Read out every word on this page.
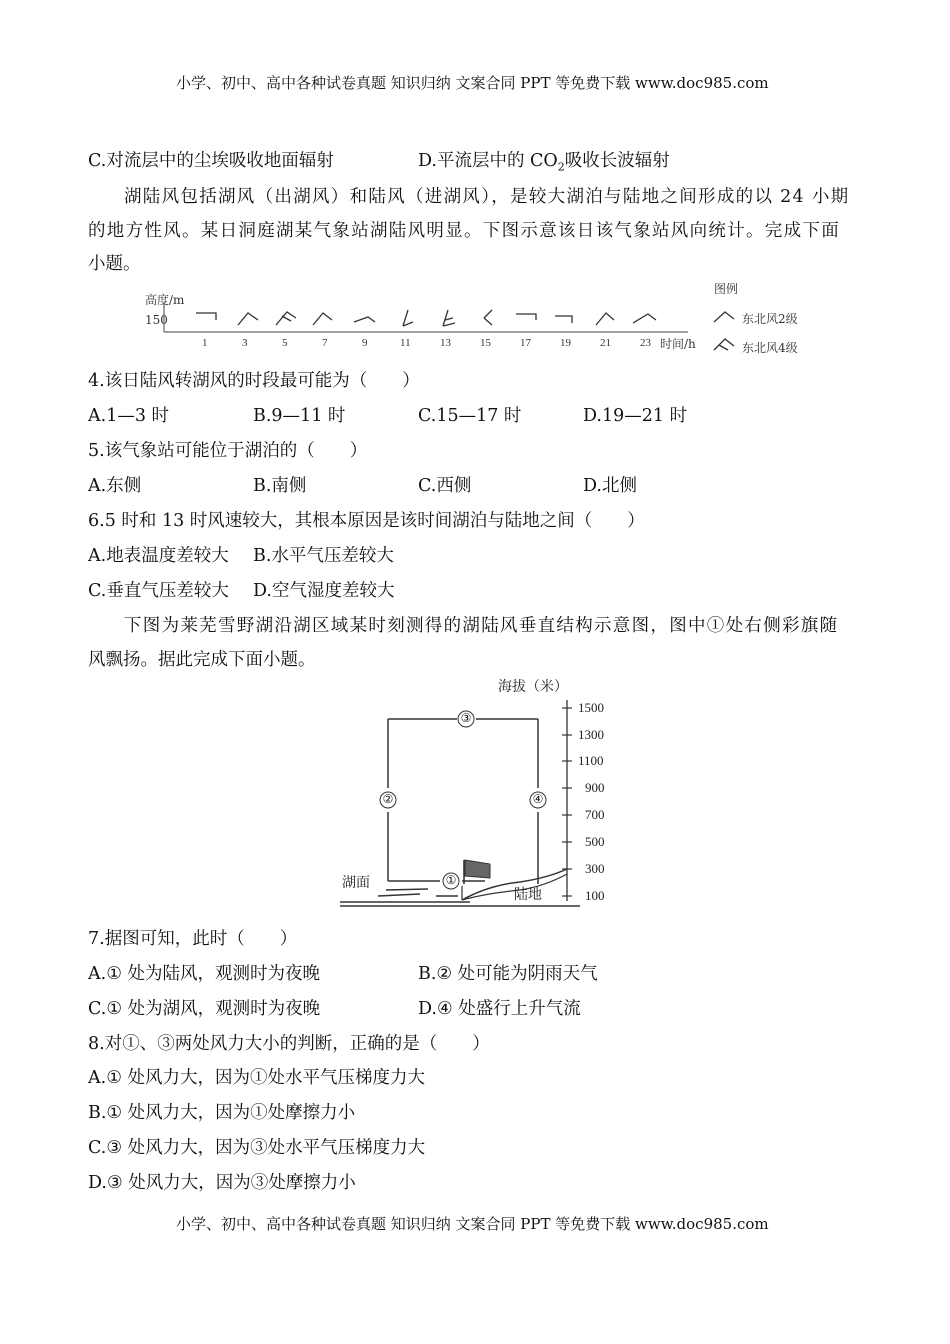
小学、初中、高中各种试卷真题 知识归纳 文案合同 PPT 等免费下载 www.doc985.com
C.对流层中的尘埃吸收地面辐射	D.平流层中的 $CO_2$吸收长波辐射
湖陆风包括湖风（出湖风）和陆风（进湖风），是较大湖泊与陆地之间形成的以 24 小期
的地方性风。某日洞庭湖某气象站湖陆风明显。下图示意该日该气象站风向统计。完成下面
小题。
高度/m
150
1	3	5	7	9	11	13	15	17	19	21	23 时间/h
图例
东北风2级
东北风4级
4.该日陆风转湖风的时段最可能为（　　）
A.1—3 时	B.9—11 时	C.15—17 时	D.19—21 时
5.该气象站可能位于湖泊的（　　）
A.东侧	B.南侧	C.西侧	D.北侧
6.5 时和 13 时风速较大，其根本原因是该时间湖泊与陆地之间（　　）
A.地表温度差较大 B.水平气压差较大
C.垂直气压差较大 D.空气湿度差较大
下图为莱芜雪野湖沿湖区域某时刻测得的湖陆风垂直结构示意图，图中①处右侧彩旗随
风飘扬。据此完成下面小题。
海拔（米）
③
②	④
①
1500
1300
1100
900
700
500
300
100
湖面
陆地
7.据图可知，此时（　　）
A.① 处为陆风，观测时为夜晚	B.② 处可能为阴雨天气
C.① 处为湖风，观测时为夜晚	D.④ 处盛行上升气流
8.对①、③两处风力大小的判断，正确的是（　　）
A.① 处风力大，因为①处水平气压梯度力大
B.① 处风力大，因为①处摩擦力小
C.③ 处风力大，因为③处水平气压梯度力大
D.③ 处风力大，因为③处摩擦力小
小学、初中、高中各种试卷真题 知识归纳 文案合同 PPT 等免费下载 www.doc985.com
